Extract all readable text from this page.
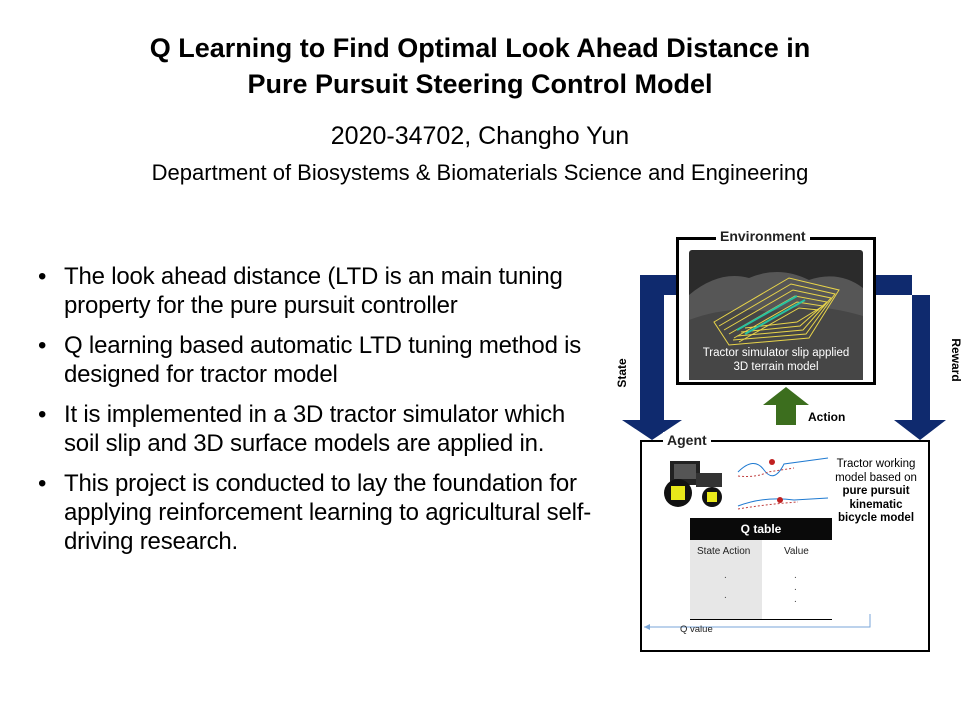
Q Learning to Find Optimal Look Ahead Distance in
Pure Pursuit Steering Control Model
2020-34702, Changho Yun
Department of Biosystems & Biomaterials Science and Engineering
• The look ahead distance (LTD is an main tuning property for the pure pursuit controller
• Q learning based automatic LTD tuning method is designed for tractor model
• It is implemented in a 3D tractor simulator which soil slip and 3D surface models are applied in.
• This project is conducted to lay the foundation for applying reinforcement learning to agricultural self-driving research.
Tractor simulator slip applied 3D terrain model
Environment
State	Reward
Action
Agent
Tractor working model based on pure pursuit kinematic bicycle model
Q table
State Action	Value
.
.
.
.
.
Q value
